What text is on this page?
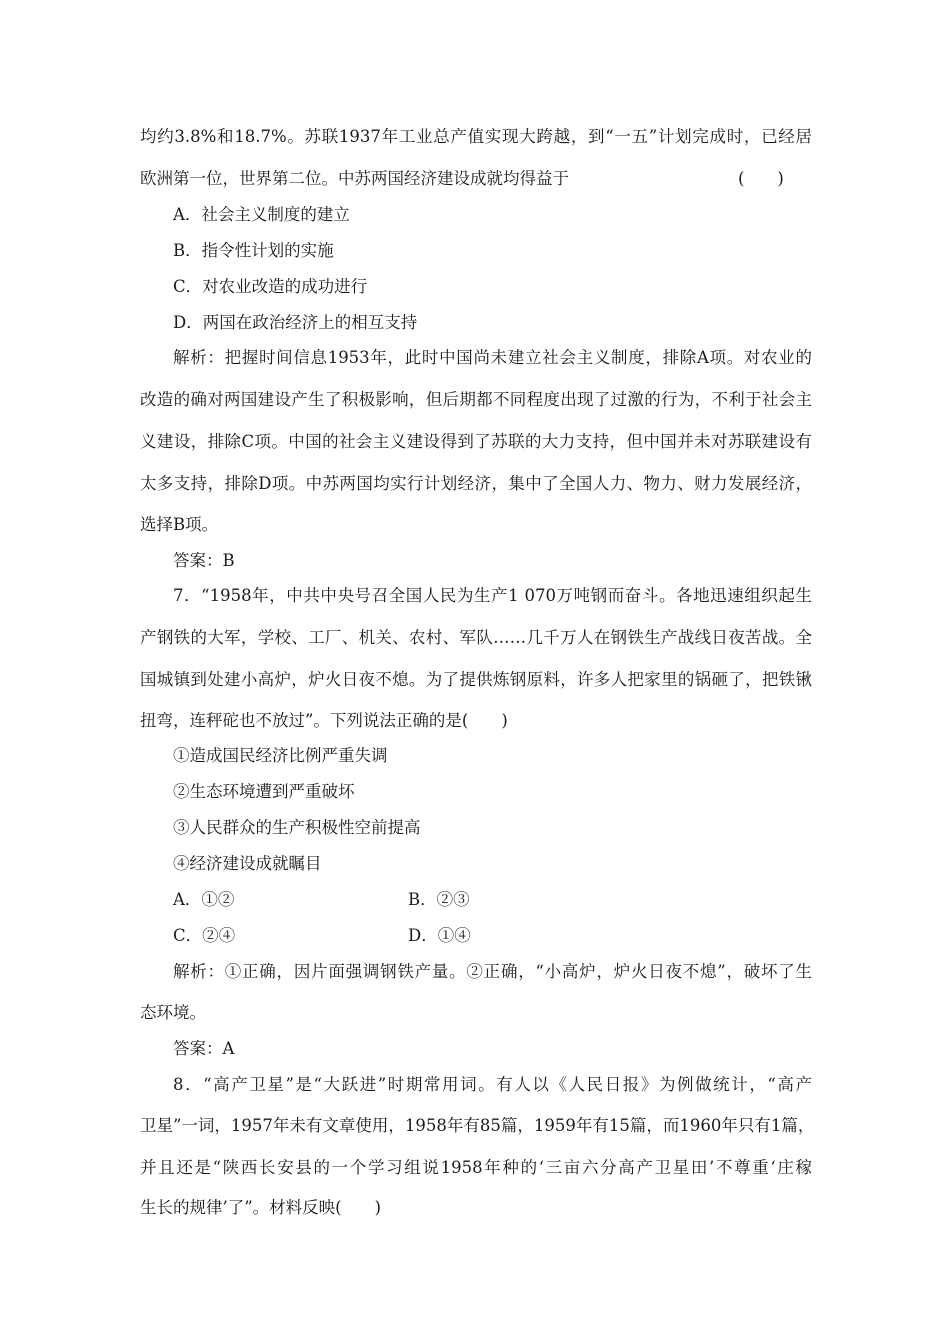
均约3.8%和18.7%。苏联1937年工业总产值实现大跨越，到“一五”计划完成时，已经居
欧洲第一位，世界第二位。中苏两国经济建设成就均得益于	(　　)
A．社会主义制度的建立
B．指令性计划的实施
C．对农业改造的成功进行
D．两国在政治经济上的相互支持
解析：把握时间信息1953年，此时中国尚未建立社会主义制度，排除A项。对农业的
改造的确对两国建设产生了积极影响，但后期都不同程度出现了过激的行为，不利于社会主
义建设，排除C项。中国的社会主义建设得到了苏联的大力支持，但中国并未对苏联建设有
太多支持，排除D项。中苏两国均实行计划经济，集中了全国人力、物力、财力发展经济，
选择B项。
答案：B
7．“1958年，中共中央号召全国人民为生产1 070万吨钢而奋斗。各地迅速组织起生
产钢铁的大军，学校、工厂、机关、农村、军队……几千万人在钢铁生产战线日夜苦战。全
国城镇到处建小高炉，炉火日夜不熄。为了提供炼钢原料，许多人把家里的锅砸了，把铁锹
扭弯，连秤砣也不放过”。下列说法正确的是(　　)
①造成国民经济比例严重失调
②生态环境遭到严重破坏
③人民群众的生产积极性空前提高
④经济建设成就瞩目
A．①②	B．②③
C．②④	D．①④
解析：①正确，因片面强调钢铁产量。②正确，“小高炉，炉火日夜不熄”，破坏了生
态环境。
答案：A
8．“高产卫星”是“大跃进”时期常用词。有人以《人民日报》为例做统计，“高产
卫星”一词，1957年未有文章使用，1958年有85篇，1959年有15篇，而1960年只有1篇，
并且还是“陕西长安县的一个学习组说1958年种的‘三亩六分高产卫星田’不尊重‘庄稼
生长的规律’了”。材料反映(　　)
